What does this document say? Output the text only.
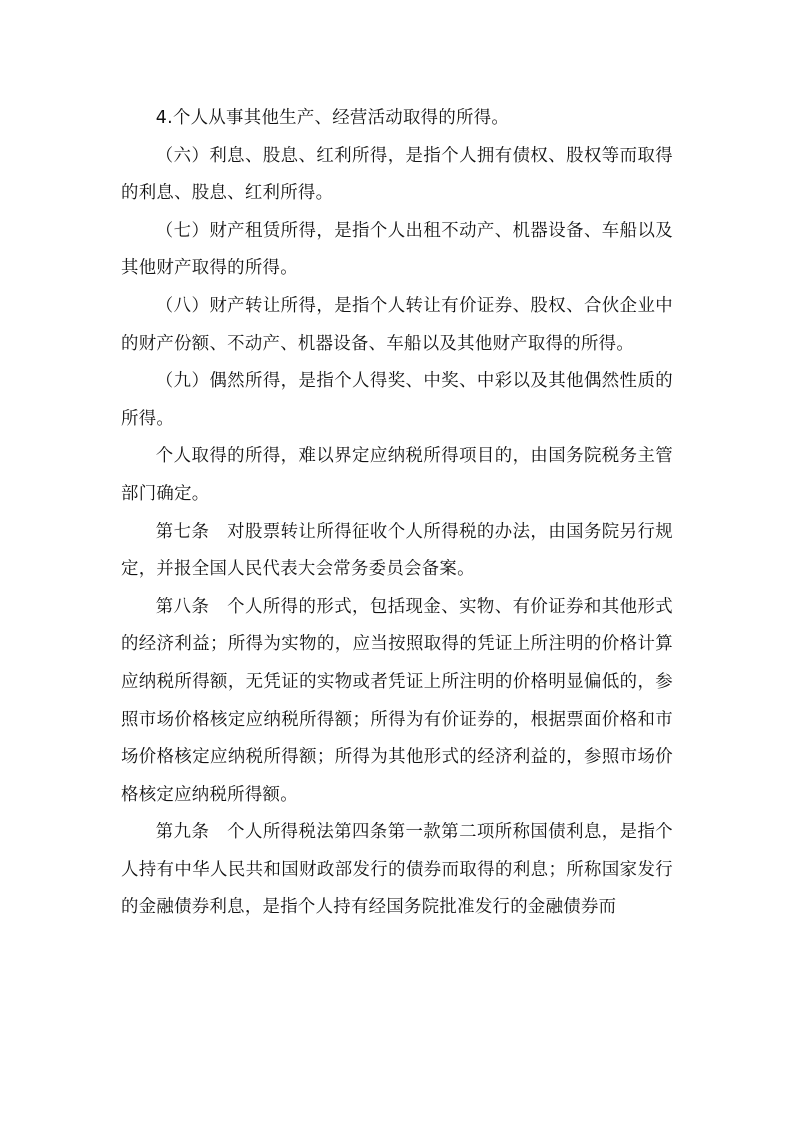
4.个人从事其他生产、经营活动取得的所得。

（六）利息、股息、红利所得，是指个人拥有债权、股权等而取得的利息、股息、红利所得。

（七）财产租赁所得，是指个人出租不动产、机器设备、车船以及其他财产取得的所得。

（八）财产转让所得，是指个人转让有价证券、股权、合伙企业中的财产份额、不动产、机器设备、车船以及其他财产取得的所得。

（九）偶然所得，是指个人得奖、中奖、中彩以及其他偶然性质的所得。

个人取得的所得，难以界定应纳税所得项目的，由国务院税务主管部门确定。

第七条　对股票转让所得征收个人所得税的办法，由国务院另行规定，并报全国人民代表大会常务委员会备案。

第八条　个人所得的形式，包括现金、实物、有价证券和其他形式的经济利益；所得为实物的，应当按照取得的凭证上所注明的价格计算应纳税所得额，无凭证的实物或者凭证上所注明的价格明显偏低的，参照市场价格核定应纳税所得额；所得为有价证券的，根据票面价格和市场价格核定应纳税所得额；所得为其他形式的经济利益的，参照市场价格核定应纳税所得额。

第九条　个人所得税法第四条第一款第二项所称国债利息，是指个人持有中华人民共和国财政部发行的债券而取得的利息；所称国家发行的金融债券利息，是指个人持有经国务院批准发行的金融债券而
